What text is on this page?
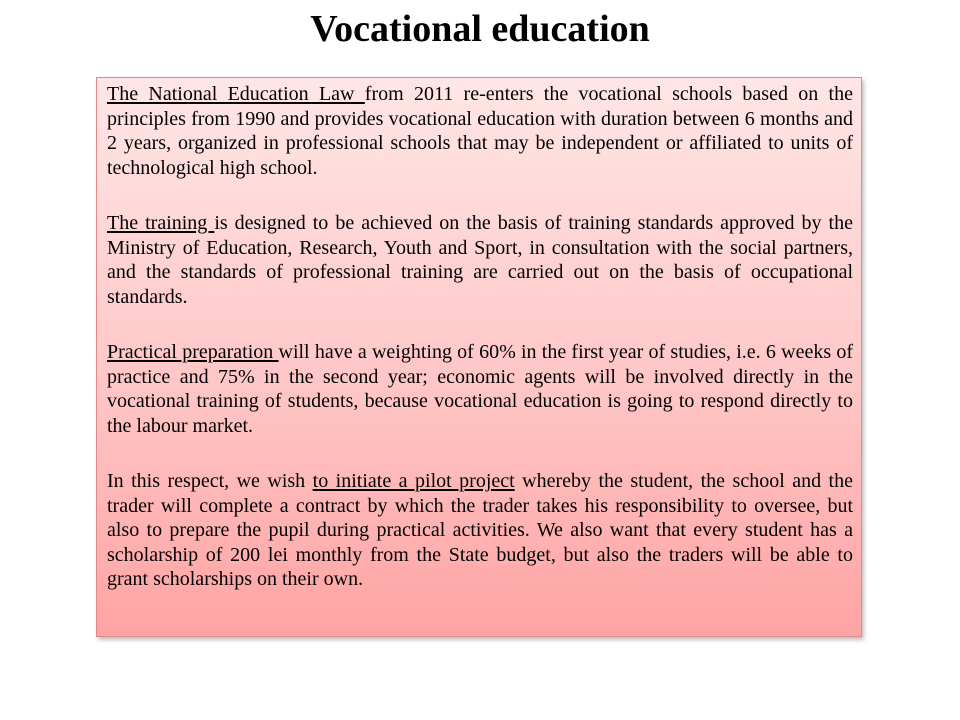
Vocational education

The National Education Law from 2011 re-enters the vocational schools based on the principles from 1990 and provides vocational education with duration between 6 months and 2 years, organized in professional schools that may be independent or affiliated to units of technological high school.

The training is designed to be achieved on the basis of training standards approved by the Ministry of Education, Research, Youth and Sport, in consultation with the social partners, and the standards of professional training are carried out on the basis of occupational standards.

Practical preparation will have a weighting of 60% in the first year of studies, i.e. 6 weeks of practice and 75% in the second year; economic agents will be involved directly in the vocational training of students, because vocational education is going to respond directly to the labour market.

In this respect, we wish to initiate a pilot project whereby the student, the school and the trader will complete a contract by which the trader takes his responsibility to oversee, but also to prepare the pupil during practical activities. We also want that every student has a scholarship of 200 lei monthly from the State budget, but also the traders will be able to grant scholarships on their own.
